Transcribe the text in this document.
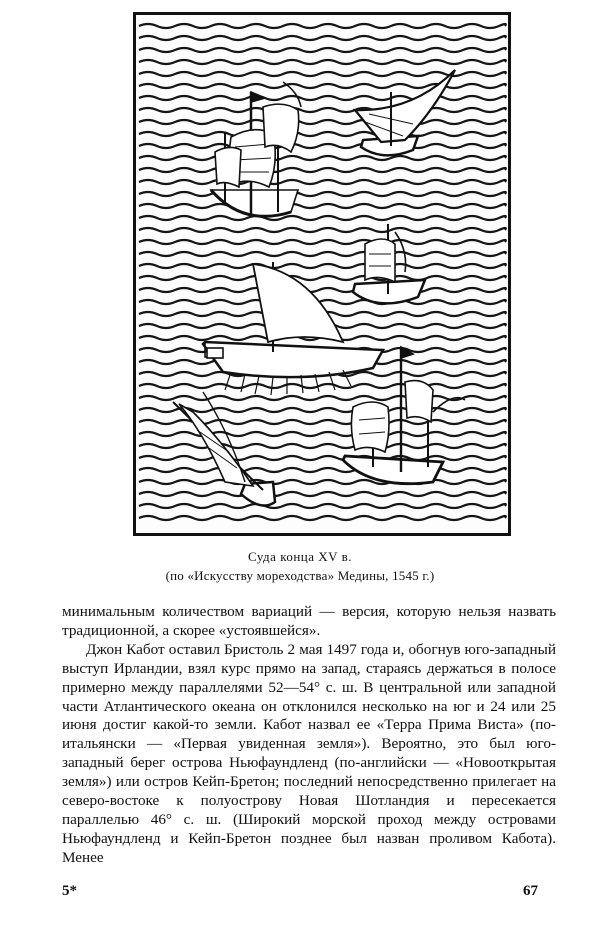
Суда конца XV в.
(по «Искусству мореходства» Медины, 1545 г.)

минимальным количеством вариаций — версия, которую нельзя назвать традиционной, а скорее «устоявшейся».

Джон Кабот оставил Бристоль 2 мая 1497 года и, обогнув юго-западный выступ Ирландии, взял курс прямо на запад, стараясь держаться в полосе примерно между параллелями 52—54° с. ш. В центральной или западной части Атлантического океана он отклонился несколько на юг и 24 или 25 июня достиг какой-то земли. Кабот назвал ее «Терра Прима Виста» (по-итальянски — «Первая увиденная земля»). Вероятно, это был юго-западный берег острова Ньюфаундленд (по-английски — «Новооткрытая земля») или остров Кейп-Бретон; последний непосредственно прилегает на северо-востоке к полуострову Новая Шотландия и пересекается параллелью 46° с. ш. (Широкий морской проход между островами Ньюфаундленд и Кейп-Бретон позднее был назван проливом Кабота). Менее

5*	67
